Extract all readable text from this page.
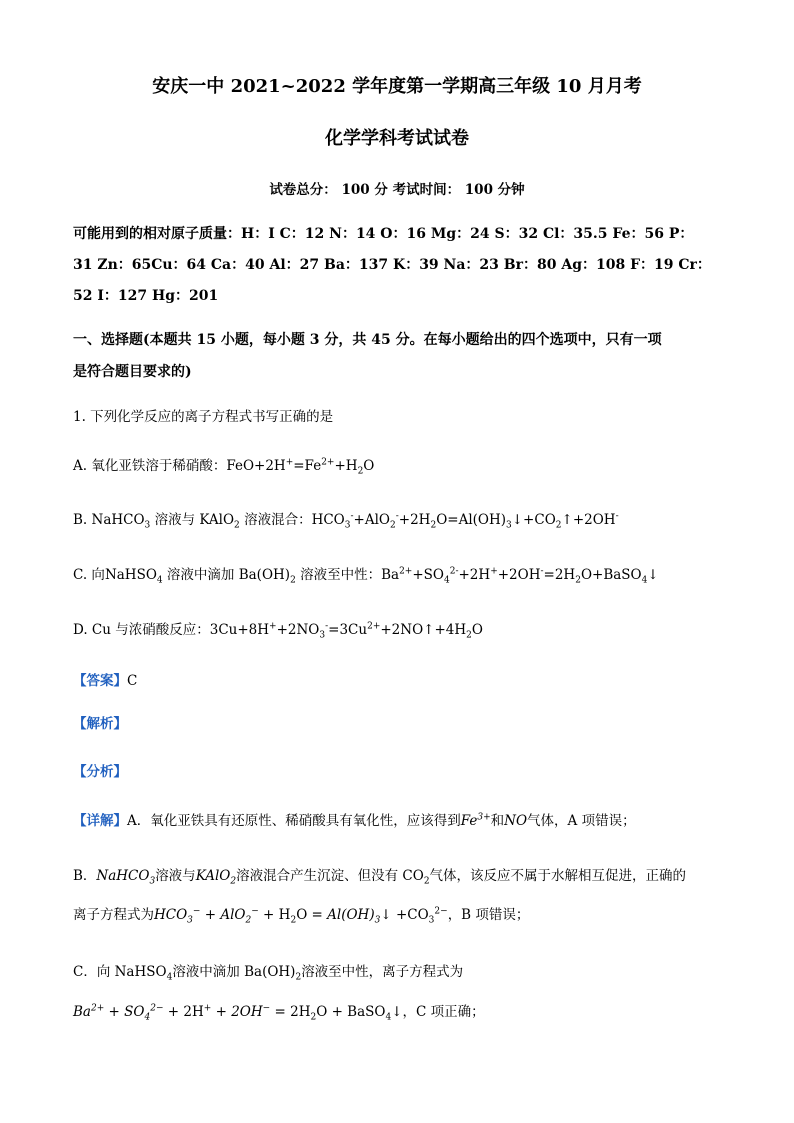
安庆一中 2021~2022 学年度第一学期高三年级 10 月月考
化学学科考试试卷
试卷总分： 100 分 考试时间： 100 分钟
可能用到的相对原子质量：H：I C：12 N：14 O：16 Mg：24 S：32 Cl：35.5 Fe：56 P：
31 Zn：65Cu：64 Ca：40 Al：27 Ba：137 K：39 Na：23 Br：80 Ag：108 F：19 Cr：
52 I：127 Hg：201
一、选择题(本题共 15 小题，每小题 3 分，共 45 分。在每小题给出的四个选项中，只有一项
是符合题目要求的)
1. 下列化学反应的离子方程式书写正确的是
A. 氧化亚铁溶于稀硝酸：$FeO+2H^+=Fe^{2+}+H_2O$
B. NaHCO$_3$ 溶液与 KAlO$_2$ 溶液混合：$HCO_3^-+AlO_2^-+2H_2O=Al(OH)_3↓+CO_2↑+2OH^-$
C. 向NaHSO$_4$ 溶液中滴加 $Ba(OH)_2$ 溶液至中性：$Ba^{2+}+SO_4^{2-}+2H^++2OH^-=2H_2O+BaSO_4↓$
D. Cu 与浓硝酸反应：$3Cu+8H^++2NO_3^-=3Cu^{2+}+2NO↑+4H_2O$
【答案】C
【解析】
【分析】
【详解】A．氧化亚铁具有还原性、稀硝酸具有氧化性，应该得到$Fe^{3+}$和NO气体，A 项错误；
B．NaHCO$_3$溶液与KAlO$_2$溶液混合产生沉淀、但没有 $CO_2$气体，该反应不属于水解相互促进，正确的
离子方程式为$HCO_3^- + AlO_2^- + H_2O$ = $Al(OH)_3↓ +CO_3^{2-}$，B 项错误；
C．向 NaHSO$_4$溶液中滴加 $Ba(OH)_2$溶液至中性，离子方程式为
$Ba^{2+} + SO_4^{2-} + 2H^+ + 2OH^- = 2H_2O$ + BaSO$_4$↓，C 项正确；
